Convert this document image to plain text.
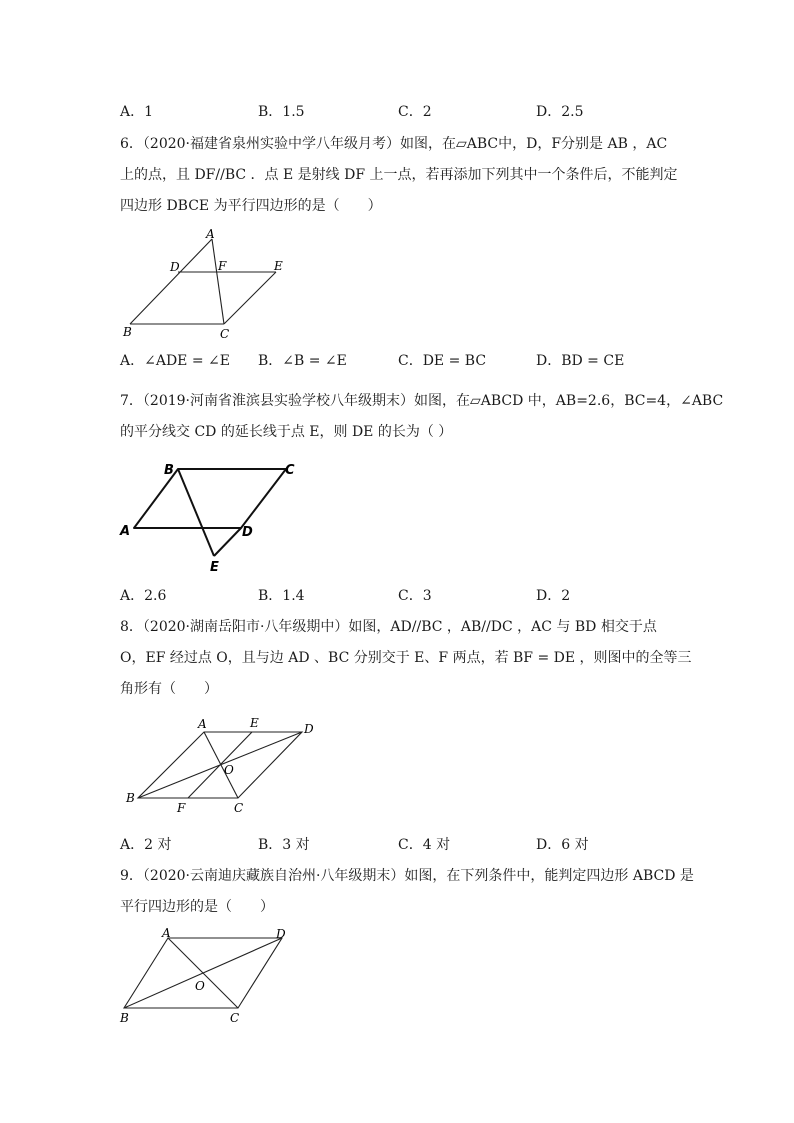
A．1	B．1.5	C．2	D．2.5
6．（2020·福建省泉州实验中学八年级月考）如图，在▱ABC中，D，F分别是 AB ，AC
上的点，且 DF//BC ．点 E 是射线 DF 上一点，若再添加下列其中一个条件后，不能判定
四边形 DBCE 为平行四边形的是（　　）
A
D	F	E
B	C
A．∠ADE = ∠E B．∠B = ∠E	C．DE = BC	D．BD = CE
7．（2019·河南省淮滨县实验学校八年级期末）如图，在▱ABCD 中，AB=2.6，BC=4，∠ABC
的平分线交 CD 的延长线于点 E，则 DE 的长为（ ）
B	C
A	D
E
A．2.6	B．1.4	C．3	D．2
8．（2020·湖南岳阳市·八年级期中）如图，AD//BC ，AB//DC ，AC 与 BD 相交于点
O，EF 经过点 O，且与边 AD 、BC 分别交于 E、F 两点，若 BF = DE ，则图中的全等三
角形有（　　）
A	E	D
O
B
F	C
A．2 对	B．3 对	C．4 对	D．6 对
9．（2020·云南迪庆藏族自治州·八年级期末）如图，在下列条件中，能判定四边形 ABCD 是
平行四边形的是（　　）
A	D
O
B	C
